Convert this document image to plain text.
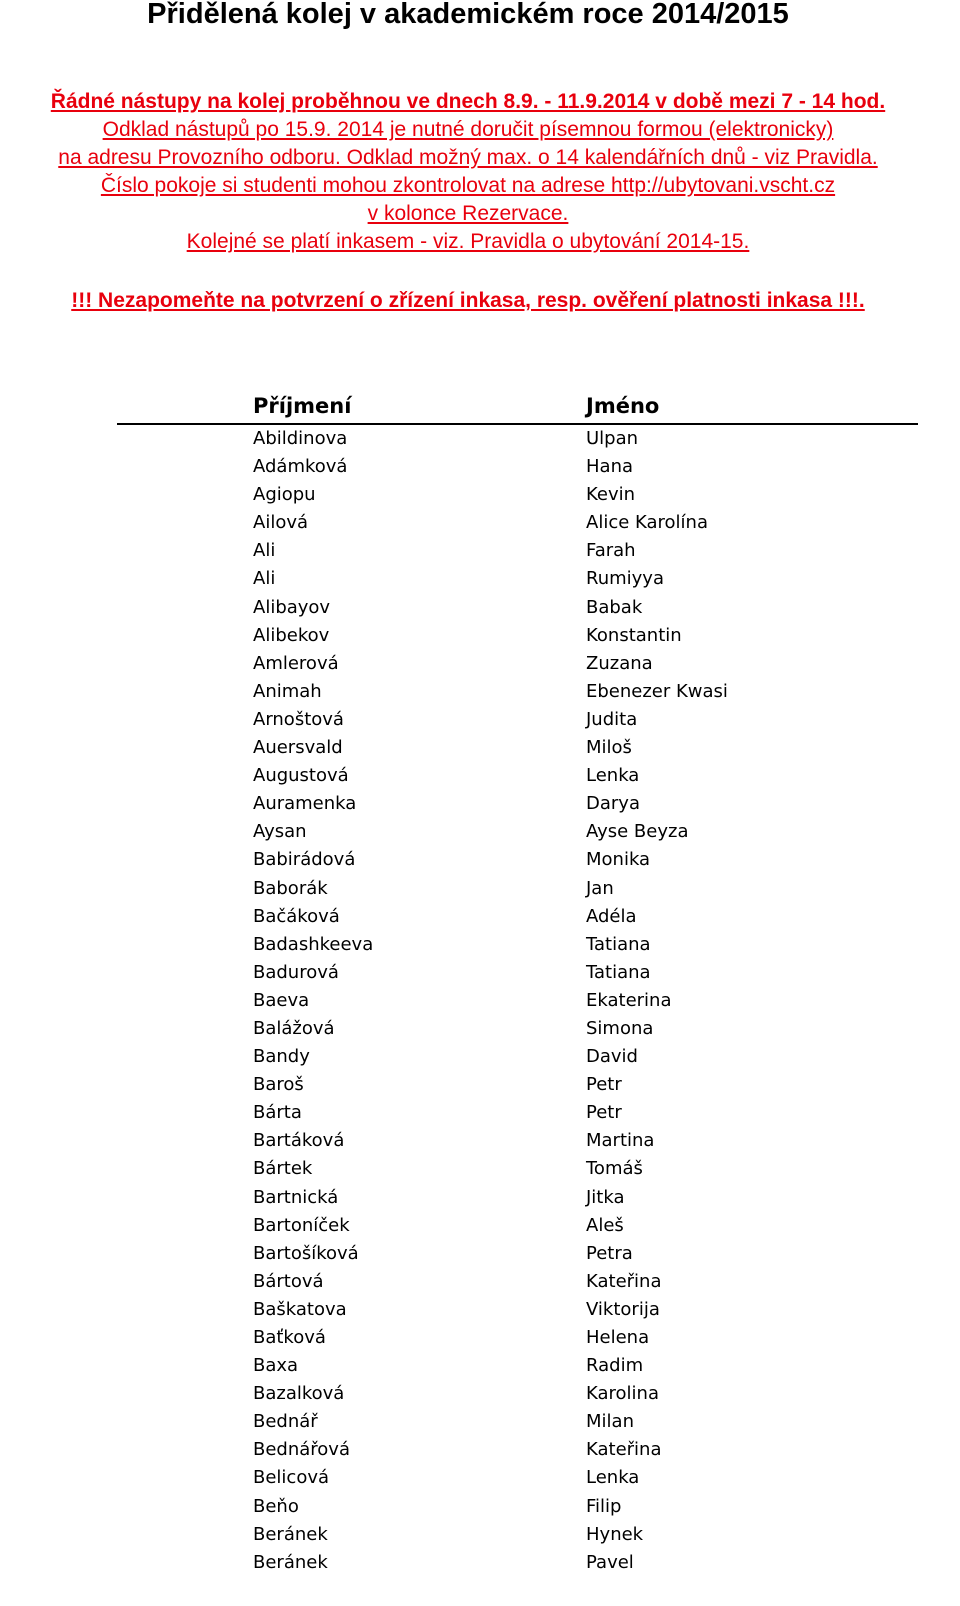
Přidělená kolej v akademickém roce 2014/2015
Řádné nástupy na kolej proběhnou ve dnech 8.9. - 11.9.2014 v době mezi 7 - 14 hod.
Odklad nástupů po 15.9. 2014 je nutné doručit písemnou formou (elektronicky)
na adresu Provozního odboru. Odklad možný max. o 14 kalendářních dnů - viz Pravidla.
Číslo pokoje si studenti mohou zkontrolovat na adrese http://ubytovani.vscht.cz
v kolonce Rezervace.
Kolejné se platí inkasem - viz. Pravidla o ubytování 2014-15.
!!! Nezapomeňte na potvrzení o zřízení inkasa, resp. ověření platnosti inkasa !!!.
Příjmení	Jméno
Abildinova	Ulpan
Adámková	Hana
Agiopu	Kevin
Ailová	Alice Karolína
Ali	Farah
Ali	Rumiyya
Alibayov	Babak
Alibekov	Konstantin
Amlerová	Zuzana
Animah	Ebenezer Kwasi
Arnoštová	Judita
Auersvald	Miloš
Augustová	Lenka
Auramenka	Darya
Aysan	Ayse Beyza
Babirádová	Monika
Baborák	Jan
Bačáková	Adéla
Badashkeeva	Tatiana
Badurová	Tatiana
Baeva	Ekaterina
Balážová	Simona
Bandy	David
Baroš	Petr
Bárta	Petr
Bartáková	Martina
Bártek	Tomáš
Bartnická	Jitka
Bartoníček	Aleš
Bartošíková	Petra
Bártová	Kateřina
Baškatova	Viktorija
Baťková	Helena
Baxa	Radim
Bazalková	Karolina
Bednář	Milan
Bednářová	Kateřina
Belicová	Lenka
Beňo	Filip
Beránek	Hynek
Beránek	Pavel
